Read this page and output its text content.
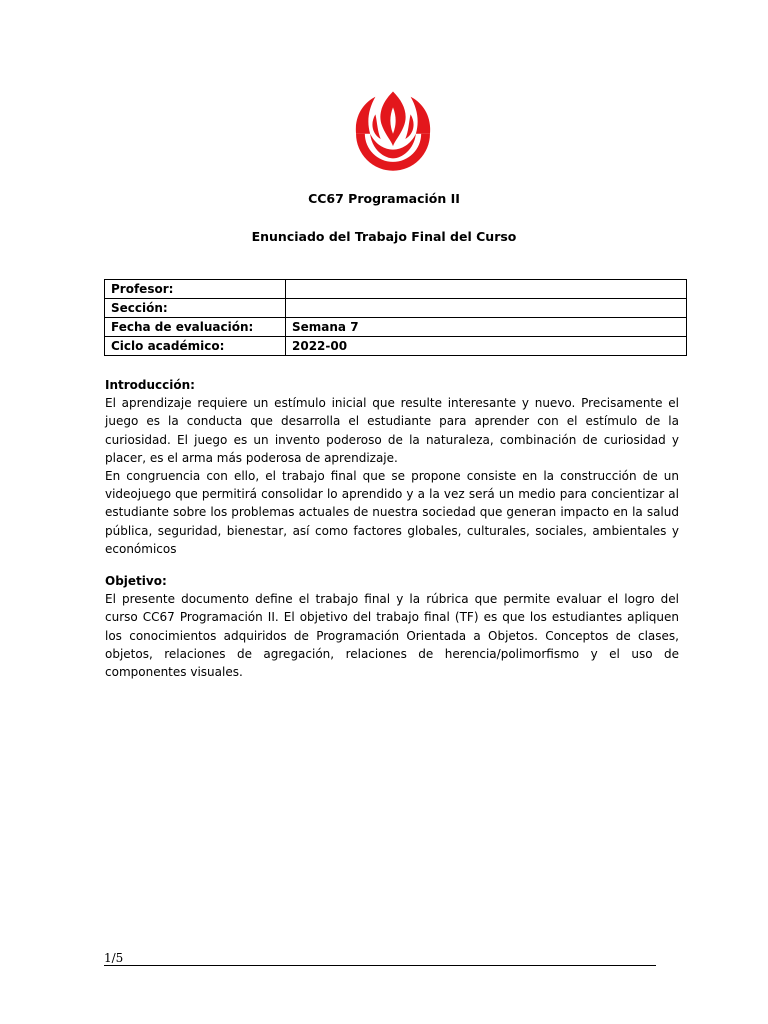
CC67 Programación II
Enunciado del Trabajo Final del Curso
Profesor:	
Sección:	
Fecha de evaluación:	Semana 7
Ciclo académico:	2022-00
Introducción:

El aprendizaje requiere un estímulo inicial que resulte interesante y nuevo. Precisamente el juego es la conducta que desarrolla el estudiante para aprender con el estímulo de la curiosidad. El juego es un invento poderoso de la naturaleza, combinación de curiosidad y placer, es el arma más poderosa de aprendizaje.

En congruencia con ello, el trabajo final que se propone consiste en la construcción de un videojuego que permitirá consolidar lo aprendido y a la vez será un medio para concientizar al estudiante sobre los problemas actuales de nuestra sociedad que generan impacto en la salud pública, seguridad, bienestar, así como factores globales, culturales, sociales, ambientales y económicos

Objetivo:

El presente documento define el trabajo final y la rúbrica que permite evaluar el logro del curso CC67 Programación II. El objetivo del trabajo final (TF) es que los estudiantes apliquen los conocimientos adquiridos de Programación Orientada a Objetos. Conceptos de clases, objetos, relaciones de agregación, relaciones de herencia/polimorfismo y el uso de componentes visuales.

1/5
